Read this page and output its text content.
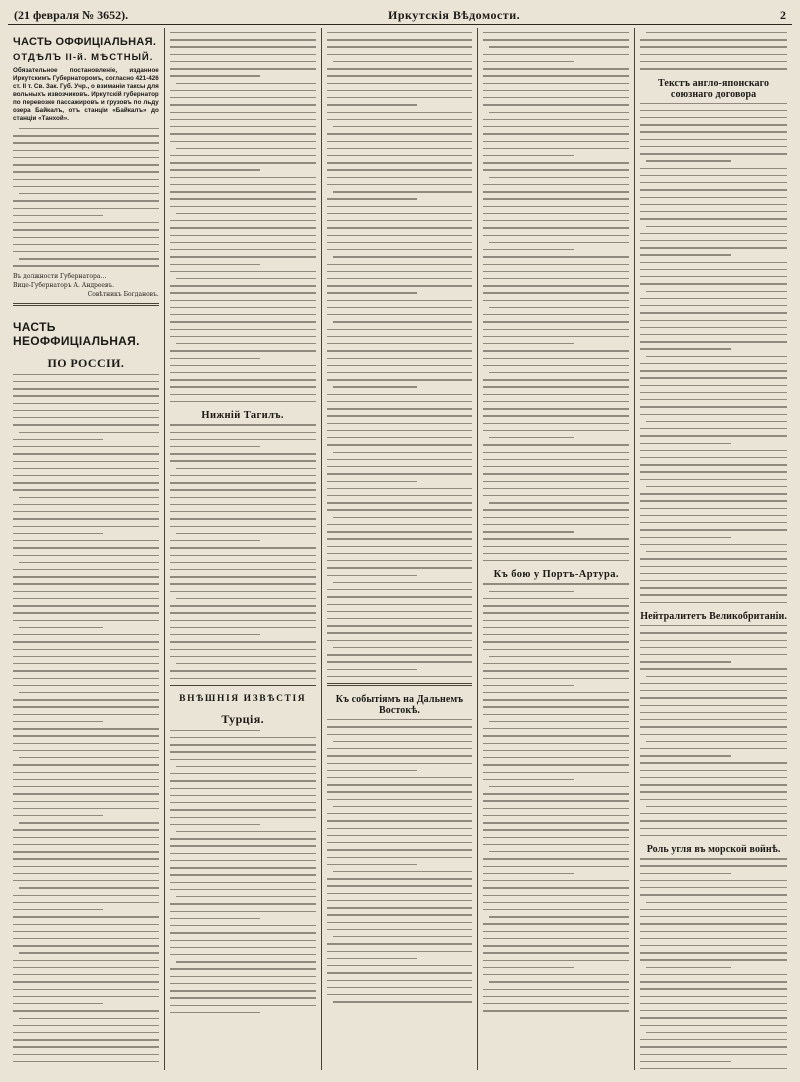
(21 февраля № 3652).	Иркутскія Вѣдомости.	2
ЧАСТЬ ОФФИЦІАЛЬНАЯ.
ОТДѢЛЪ II-й. МѢСТНЫЙ.
Обязательное постановленіе, изданное Иркутскимъ Губернаторомъ, согласно 421-426 ст. II т. Св. Зак. Губ. Учр., о взиманіи таксы для вольныхъ извозчиковъ. Иркутскій губернатор по перевозке пассажировъ и грузовъ по льду озера Байкалъ, отъ станціи «Байкалъ» до станціи «Танхой».
Въ должности Губернатора…
Вице-Губернаторъ А. Андреевъ.
Совѣтникъ Богдановъ.
ЧАСТЬ НЕОФФИЦІАЛЬНАЯ.
ПО РОССІИ.
Нижній Тагилъ.
ВНѢШНІЯ ИЗВѢСТІЯ
Турція.
Къ событіямъ на Дальнемъ Востокѣ.
Къ бою у Портъ-Артура.
Текстъ англо-японскаго союзнаго договора
Нейтралитетъ Великобританіи.
Роль угля въ морской войнѣ.
